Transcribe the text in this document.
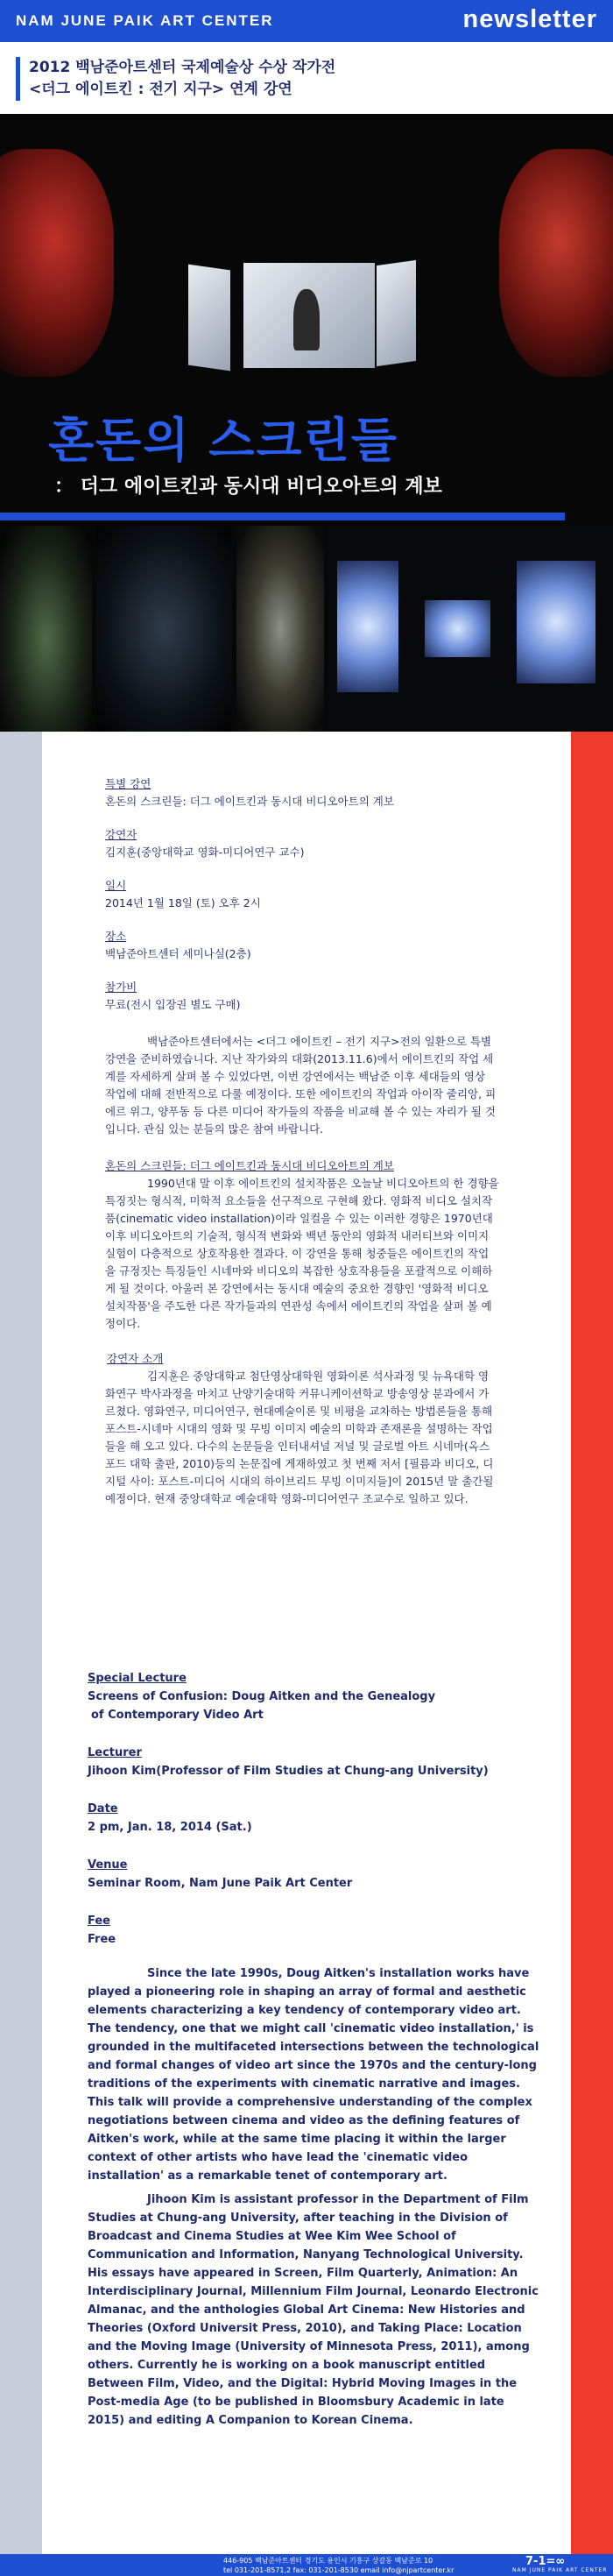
NAM JUNE PAIK ART CENTER	newsletter
2012 백남준아트센터 국제예술상 수상 작가전
<더그 에이트킨 : 전기 지구> 연계 강연
혼돈의 스크린들
： 더그 에이트킨과 동시대 비디오아트의 계보

특별 강연

혼돈의 스크린들: 더그 에이트킨과 동시대 비디오아트의 계보

강연자

김지훈(중앙대학교 영화-미디어연구 교수)

일시

2014년 1월 18일 (토) 오후 2시

장소

백남준아트센터 세미나실(2층)

참가비

무료(전시 입장권 별도 구매)

백남준아트센터에서는 <더그 에이트킨 – 전기 지구>전의 일환으로 특별 강연을 준비하였습니다. 지난 작가와의 대화(2013.11.6)에서 에이트킨의 작업 세계를 자세하게 살펴 볼 수 있었다면, 이번 강연에서는 백남준 이후 세대들의 영상 작업에 대해 전반적으로 다룰 예정이다. 또한 에이트킨의 작업과 아이작 줄리앙, 피에르 위그, 양푸동 등 다른 미디어 작가들의 작품을 비교해 볼 수 있는 자리가 될 것입니다. 관심 있는 분들의 많은 참여 바랍니다.

혼돈의 스크린들: 더그 에이트킨과 동시대 비디오아트의 계보

1990년대 말 이후 에이트킨의 설치작품은 오늘날 비디오아트의 한 경향을 특징짓는 형식적, 미학적 요소들을 선구적으로 구현해 왔다. 영화적 비디오 설치작품(cinematic video installation)이라 일컬을 수 있는 이러한 경향은 1970년대 이후 비디오아트의 기술적, 형식적 변화와 백년 동안의 영화적 내러티브와 이미지 실험이 다층적으로 상호작용한 결과다. 이 강연을 통해 청중들은 에이트킨의 작업을 규정짓는 특징들인 시네마와 비디오의 복잡한 상호작용들을 포괄적으로 이해하게 될 것이다. 아울러 본 강연에서는 동시대 예술의 중요한 경향인 '영화적 비디오 설치작품'을 주도한 다른 작가들과의 연관성 속에서 에이트킨의 작업을 살펴 볼 예정이다.

강연자 소개

김지훈은 중앙대학교 첨단영상대학원 영화이론 석사과정 및 뉴욕대학 영화연구 박사과정을 마치고 난양기술대학 커뮤니케이션학교 방송영상 분과에서 가르쳤다. 영화연구, 미디어연구, 현대예술이론 및 비평을 교차하는 방법론들을 통해 포스트-시네마 시대의 영화 및 무빙 이미지 예술의 미학과 존재론을 설명하는 작업들을 해 오고 있다. 다수의 논문들을 인터내셔널 저널 및 글로벌 아트 시네마(옥스포드 대학 출판, 2010)등의 논문집에 게재하였고 첫 번째 저서 [필름과 비디오, 디지털 사이: 포스트-미디어 시대의 하이브리드 무빙 이미지들]이 2015년 말 출간될 예정이다. 현재 중앙대학교 예술대학 영화-미디어연구 조교수로 일하고 있다.

Special Lecture

Screens of Confusion: Doug Aitken and the Genealogy

of Contemporary Video Art

Lecturer

Jihoon Kim(Professor of Film Studies at Chung-ang University)

Date

2 pm, Jan. 18, 2014 (Sat.)

Venue

Seminar Room, Nam June Paik Art Center

Fee

Free

Since the late 1990s, Doug Aitken's installation works have played a pioneering role in shaping an array of formal and aesthetic elements characterizing a key tendency of contemporary video art. The tendency, one that we might call 'cinematic video installation,' is grounded in the multifaceted intersections between the technological and formal changes of video art since the 1970s and the century-long traditions of the experiments with cinematic narrative and images. This talk will provide a comprehensive understanding of the complex negotiations between cinema and video as the defining features of Aitken's work, while at the same time placing it within the larger context of other artists who have lead the 'cinematic video installation' as a remarkable tenet of contemporary art.

Jihoon Kim is assistant professor in the Department of Film Studies at Chung-ang University, after teaching in the Division of Broadcast and Cinema Studies at Wee Kim Wee School of Communication and Information, Nanyang Technological University. His essays have appeared in Screen, Film Quarterly, Animation: An Interdisciplinary Journal, Millennium Film Journal, Leonardo Electronic Almanac, and the anthologies Global Art Cinema: New Histories and Theories (Oxford Universit Press, 2010), and Taking Place: Location and the Moving Image (University of Minnesota Press, 2011), among others. Currently he is working on a book manuscript entitled Between Film, Video, and the Digital: Hybrid Moving Images in the Post-media Age (to be published in Bloomsbury Academic in late 2015) and editing A Companion to Korean Cinema.

446-905 백남준아트센터 경기도 용인시 기흥구 상갈동 백남준로 10
tel 031-201-8571,2 fax: 031-201-8530 email info@njpartcenter.kr
7-1=∞
NAM JUNE PAIK ART CENTER
